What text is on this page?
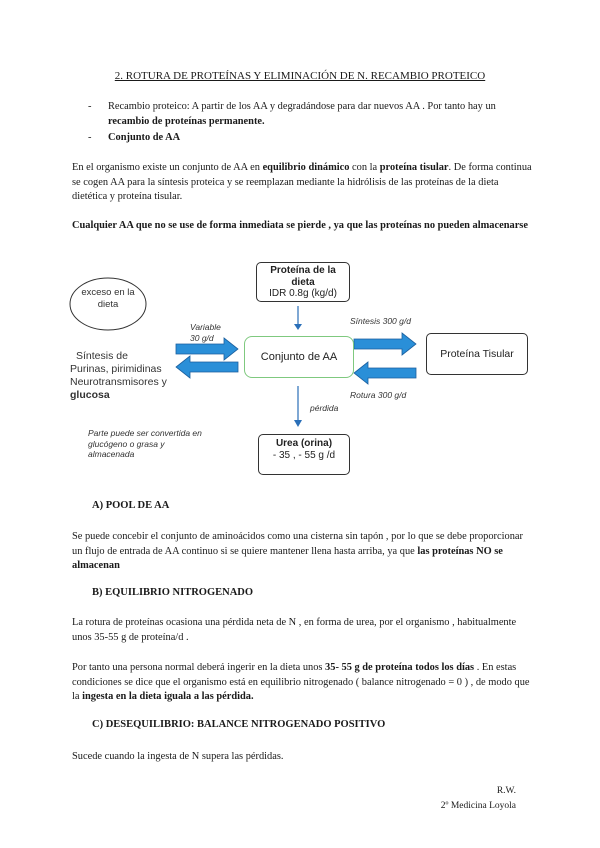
2. ROTURA DE PROTEÍNAS Y ELIMINACIÓN DE N. RECAMBIO PROTEICO
- Recambio proteico: A partir de los AA y degradándose para dar nuevos AA . Por tanto hay un recambio de proteínas permanente.
- Conjunto de AA
En el organismo existe un conjunto de AA en equilibrio dinámico con la proteína tisular. De forma continua se cogen AA para la síntesis proteica y se reemplazan mediante la hidrólisis de las proteínas de la dieta dietética y proteína tisular.
Cualquier AA que no se use de forma inmediata se pierde , ya que las proteínas no pueden almacenarse
exceso en la dieta
Síntesis de
Purinas, pirimidinas
Neurotransmisores y
glucosa
Variable
30 g/d
Proteína de la dieta
IDR 0.8g (kg/d)
Conjunto de AA
Síntesis 300 g/d
Rotura 300 g/d
Proteína Tisular
pérdida
Urea (orina)
- 35 , - 55 g /d
Parte puede ser convertida en
glucógeno o grasa y
almacenada
A) POOL DE AA
Se puede concebir el conjunto de aminoácidos como una cisterna sin tapón , por lo que se debe proporcionar un flujo de entrada de AA continuo si se quiere mantener llena hasta arriba, ya que las proteínas NO se almacenan
B) EQUILIBRIO NITROGENADO
La rotura de proteínas ocasiona una pérdida neta de N , en forma de urea, por el organismo , habitualmente unos 35-55 g de proteína/d .
Por tanto una persona normal deberá ingerir en la dieta unos 35- 55 g de proteína todos los días . En estas condiciones se dice que el organismo está en equilibrio nitrogenado ( balance nitrogenado = 0 ) , de modo que la ingesta en la dieta iguala a las pérdida.
C) DESEQUILIBRIO: BALANCE NITROGENADO POSITIVO
Sucede cuando la ingesta de N supera las pérdidas.
R.W.
2º Medicina Loyola
